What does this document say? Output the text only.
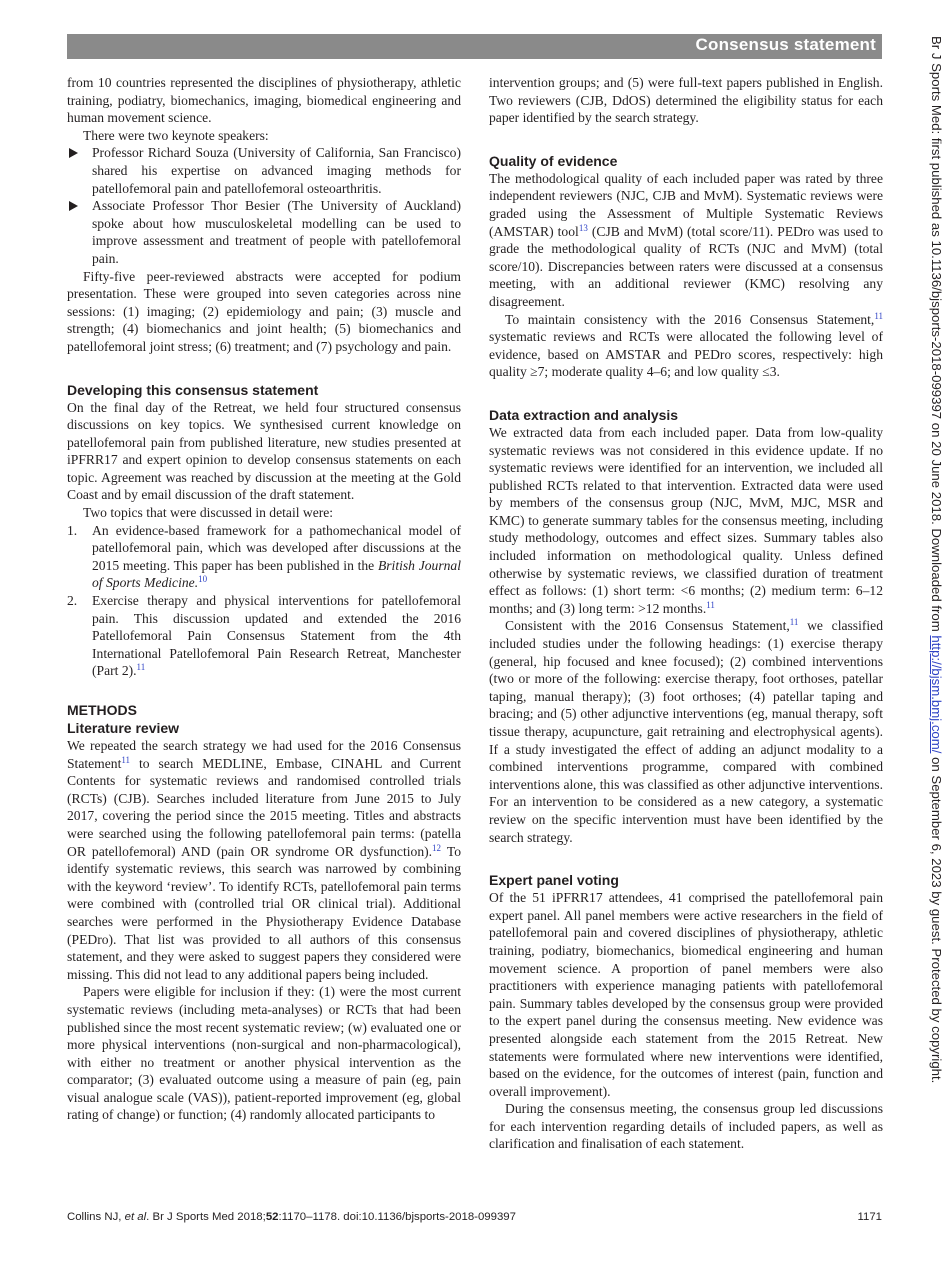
Consensus statement

from 10 countries represented the disciplines of physiotherapy, athletic training, podiatry, biomechanics, imaging, biomedical engineering and human movement science.

There were two keynote speakers:

Professor Richard Souza (University of California, San Francisco) shared his expertise on advanced imaging methods for patellofemoral pain and patellofemoral osteoarthritis.
Associate Professor Thor Besier (The University of Auckland) spoke about how musculoskeletal modelling can be used to improve assessment and treatment of people with patellofemoral pain.

Fifty-five peer-reviewed abstracts were accepted for podium presentation. These were grouped into seven categories across nine sessions: (1) imaging; (2) epidemiology and pain; (3) muscle and strength; (4) biomechanics and joint health; (5) biomechanics and patellofemoral joint stress; (6) treatment; and (7) psychology and pain.

Developing this consensus statement

On the final day of the Retreat, we held four structured consensus discussions on key topics. We synthesised current knowledge on patellofemoral pain from published literature, new studies presented at iPFRR17 and expert opinion to develop consensus statements on each topic. Agreement was reached by discussion at the meeting at the Gold Coast and by email discussion of the draft statement.

Two topics that were discussed in detail were:

1. An evidence-based framework for a pathomechanical model of patellofemoral pain, which was developed after discussions at the 2015 meeting. This paper has been published in the British Journal of Sports Medicine.$^{10}$
2. Exercise therapy and physical interventions for patellofemoral pain. This discussion updated and extended the 2016 Patellofemoral Pain Consensus Statement from the 4th International Patellofemoral Pain Research Retreat, Manchester (Part 2).$^{11}$
METHODS
Literature review

We repeated the search strategy we had used for the 2016 Consensus Statement$^{11}$ to search MEDLINE, Embase, CINAHL and Current Contents for systematic reviews and randomised controlled trials (RCTs) (CJB). Searches included literature from June 2015 to July 2017, covering the period since the 2015 meeting. Titles and abstracts were searched using the following patellofemoral pain terms: (patella OR patellofemoral) AND (pain OR syndrome OR dysfunction).$^{12}$ To identify systematic reviews, this search was narrowed by combining with the keyword ‘review’. To identify RCTs, patellofemoral pain terms were combined with (controlled trial OR clinical trial). Additional searches were performed in the Physiotherapy Evidence Database (PEDro). That list was provided to all authors of this consensus statement, and they were asked to suggest papers they considered were missing. This did not lead to any additional papers being included.

Papers were eligible for inclusion if they: (1) were the most current systematic reviews (including meta-analyses) or RCTs that had been published since the most recent systematic review; (w) evaluated one or more physical interventions (non-surgical and non-pharmacological), with either no treatment or another physical intervention as the comparator; (3) evaluated outcome using a measure of pain (eg, pain visual analogue scale (VAS)), patient-reported improvement (eg, global rating of change) or function; (4) randomly allocated participants to

intervention groups; and (5) were full-text papers published in English. Two reviewers (CJB, DdOS) determined the eligibility status for each paper identified by the search strategy.

Quality of evidence

The methodological quality of each included paper was rated by three independent reviewers (NJC, CJB and MvM). Systematic reviews were graded using the Assessment of Multiple Systematic Reviews (AMSTAR) tool$^{13}$ (CJB and MvM) (total score/11). PEDro was used to grade the methodological quality of RCTs (NJC and MvM) (total score/10). Discrepancies between raters were discussed at a consensus meeting, with an additional reviewer (KMC) resolving any disagreement.

To maintain consistency with the 2016 Consensus Statement,$^{11}$ systematic reviews and RCTs were allocated the following level of evidence, based on AMSTAR and PEDro scores, respectively: high quality ≥7; moderate quality 4–6; and low quality ≤3.

Data extraction and analysis

We extracted data from each included paper. Data from low-quality systematic reviews was not considered in this evidence update. If no systematic reviews were identified for an intervention, we included all published RCTs related to that intervention. Extracted data were used by members of the consensus group (NJC, MvM, MJC, MSR and KMC) to generate summary tables for the consensus meeting, including study methodology, outcomes and effect sizes. Summary tables also included information on methodological quality. Unless defined otherwise by systematic reviews, we classified duration of treatment effect as follows: (1) short term: <6 months; (2) medium term: 6–12 months; and (3) long term: >12 months.$^{11}$

Consistent with the 2016 Consensus Statement,$^{11}$ we classified included studies under the following headings: (1) exercise therapy (general, hip focused and knee focused); (2) combined interventions (two or more of the following: exercise therapy, foot orthoses, patellar taping, manual therapy); (3) foot orthoses; (4) patellar taping and bracing; and (5) other adjunctive interventions (eg, manual therapy, soft tissue therapy, acupuncture, gait retraining and electrophysical agents). If a study investigated the effect of adding an adjunct modality to a combined interventions programme, compared with combined interventions alone, this was classified as other adjunctive interventions. For an intervention to be considered as a new category, a systematic review on the specific intervention must have been identified by the search strategy.

Expert panel voting

Of the 51 iPFRR17 attendees, 41 comprised the patellofemoral pain expert panel. All panel members were active researchers in the field of patellofemoral pain and covered disciplines of physiotherapy, athletic training, podiatry, biomechanics, biomedical engineering and human movement science. A proportion of panel members were also practitioners with experience managing patients with patellofemoral pain. Summary tables developed by the consensus group were provided to the expert panel during the consensus meeting. New evidence was presented alongside each statement from the 2015 Retreat. New statements were formulated where new interventions were identified, based on the evidence, for the outcomes of interest (pain, function and overall improvement).

During the consensus meeting, the consensus group led discussions for each intervention regarding details of included papers, as well as clarification and finalisation of each statement.

Collins NJ, et al. Br J Sports Med 2018;52:1170–1178. doi:10.1136/bjsports-2018-099397	1171
Br J Sports Med: first published as 10.1136/bjsports-2018-099397 on 20 June 2018. Downloaded from http://bjsm.bmj.com/ on September 6, 2023 by guest. Protected by copyright.
